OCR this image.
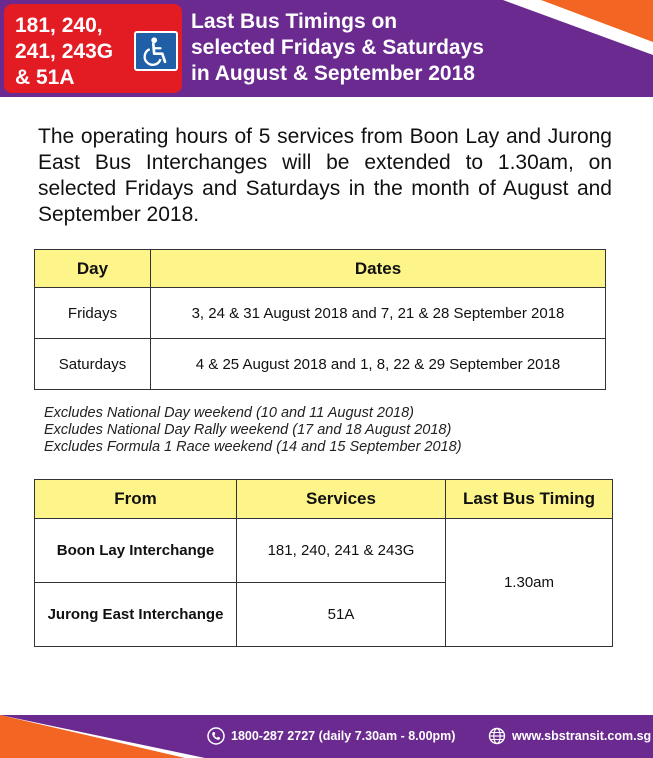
181, 240,
241, 243G
& 51A
Last Bus Timings on
selected Fridays & Saturdays
in August & September 2018

The operating hours of 5 services from Boon Lay and Jurong East Bus Interchanges will be extended to 1.30am, on selected Fridays and Saturdays in the month of August and September 2018.

Day	Dates
Fridays	3, 24 & 31 August 2018 and 7, 21 & 28 September 2018
Saturdays	4 & 25 August 2018 and 1, 8, 22 & 29 September 2018
Excludes National Day weekend (10 and 11 August 2018)
Excludes National Day Rally weekend (17 and 18 August 2018)
Excludes Formula 1 Race weekend (14 and 15 September 2018)
From	Services	Last Bus Timing
Boon Lay Interchange	181, 240, 241 & 243G	1.30am
Jurong East Interchange	51A	
1800-287 2727 (daily 7.30am - 8.00pm)	www.sbstransit.com.sg
